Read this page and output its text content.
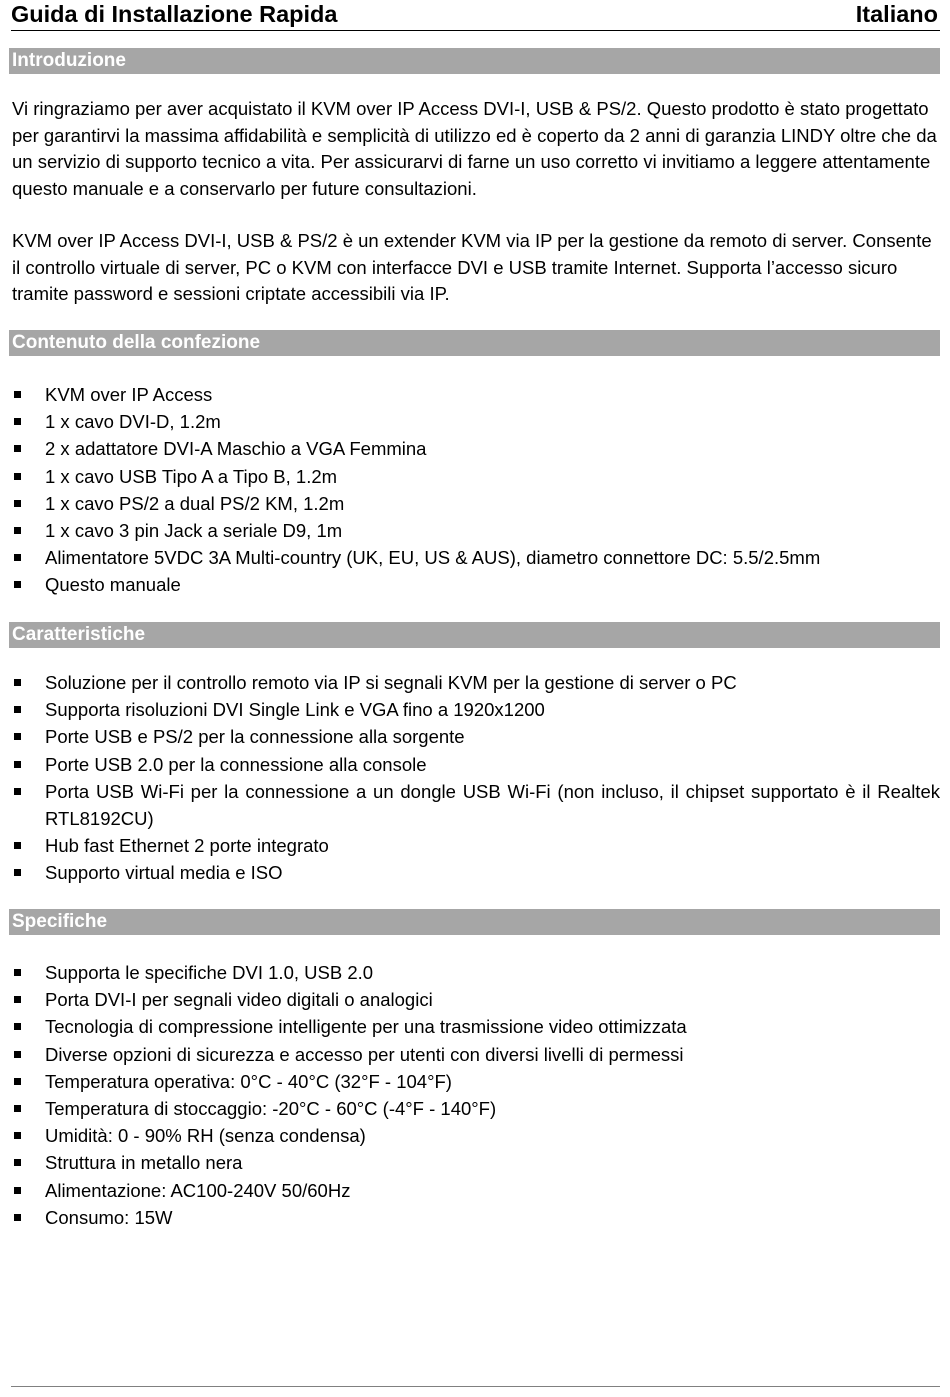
Guida di Installazione Rapida	Italiano
Introduzione

Vi ringraziamo per aver acquistato il KVM over IP Access DVI-I, USB & PS/2. Questo prodotto è stato progettato per garantirvi la massima affidabilità e semplicità di utilizzo ed è coperto da 2 anni di garanzia LINDY oltre che da un servizio di supporto tecnico a vita. Per assicurarvi di farne un uso corretto vi invitiamo a leggere attentamente questo manuale e a conservarlo per future consultazioni.

KVM over IP Access DVI-I, USB & PS/2 è un extender KVM via IP per la gestione da remoto di server. Consente il controllo virtuale di server, PC o KVM con interfacce DVI e USB tramite Internet. Supporta l’accesso sicuro tramite password e sessioni criptate accessibili via IP.

Contenuto della confezione
KVM over IP Access
1 x cavo DVI-D, 1.2m
2 x adattatore DVI-A Maschio a VGA Femmina
1 x cavo USB Tipo A a Tipo B, 1.2m
1 x cavo PS/2 a dual PS/2 KM, 1.2m
1 x cavo 3 pin Jack a seriale D9, 1m
Alimentatore 5VDC 3A Multi-country (UK, EU, US & AUS), diametro connettore DC: 5.5/2.5mm
Questo manuale
Caratteristiche
Soluzione per il controllo remoto via IP si segnali KVM per la gestione di server o PC
Supporta risoluzioni DVI Single Link e VGA fino a 1920x1200
Porte USB e PS/2 per la connessione alla sorgente
Porte USB 2.0 per la connessione alla console
Porta USB Wi-Fi per la connessione a un dongle USB Wi-Fi (non incluso, il chipset supportato è il Realtek RTL8192CU)
Hub fast Ethernet 2 porte integrato
Supporto virtual media e ISO
Specifiche
Supporta le specifiche DVI 1.0, USB 2.0
Porta DVI-I per segnali video digitali o analogici
Tecnologia di compressione intelligente per una trasmissione video ottimizzata
Diverse opzioni di sicurezza e accesso per utenti con diversi livelli di permessi
Temperatura operativa: 0°C - 40°C (32°F - 104°F)
Temperatura di stoccaggio: -20°C - 60°C (-4°F - 140°F)
Umidità: 0 - 90% RH (senza condensa)
Struttura in metallo nera
Alimentazione: AC100-240V 50/60Hz
Consumo: 15W
